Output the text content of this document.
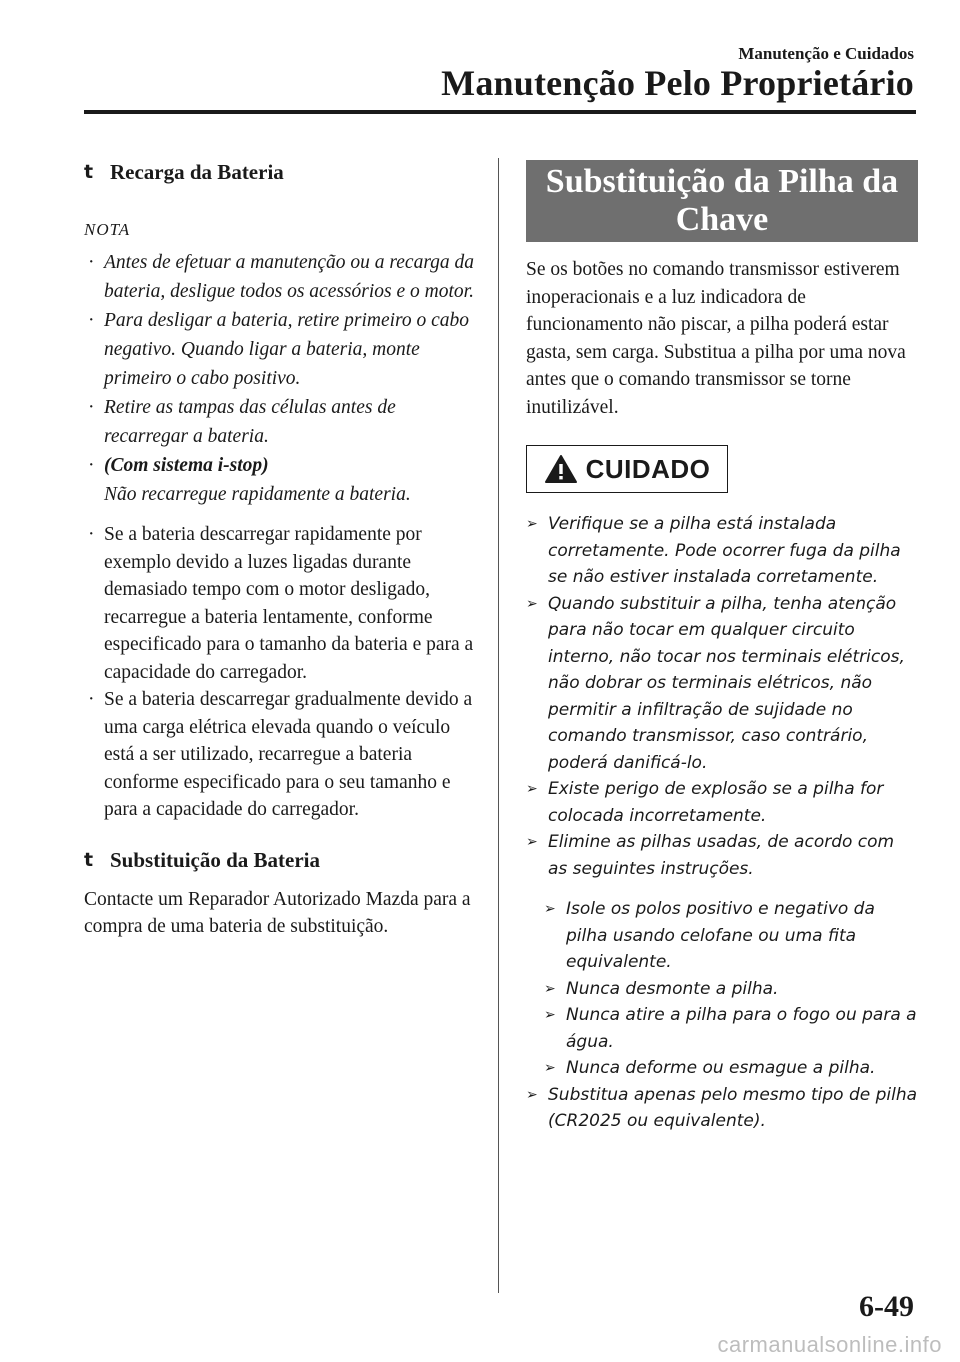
Manutenção e Cuidados
Manutenção Pelo Proprietário
t Recarga da Bateria
NOTA
· Antes de efetuar a manutenção ou a recarga da bateria, desligue todos os acessórios e o motor.
· Para desligar a bateria, retire primeiro o cabo negativo. Quando ligar a bateria, monte primeiro o cabo positivo.
· Retire as tampas das células antes de recarregar a bateria.
· (Com sistema i-stop)
Não recarregue rapidamente a bateria.
· Se a bateria descarregar rapidamente por exemplo devido a luzes ligadas durante demasiado tempo com o motor desligado, recarregue a bateria lentamente, conforme especificado para o tamanho da bateria e para a capacidade do carregador.
· Se a bateria descarregar gradualmente devido a uma carga elétrica elevada quando o veículo está a ser utilizado, recarregue a bateria conforme especificado para o seu tamanho e para a capacidade do carregador.
t Substituição da Bateria

Contacte um Reparador Autorizado Mazda para a compra de uma bateria de substituição.

Substituição da Pilha da
Chave

Se os botões no comando transmissor estiverem inoperacionais e a luz indicadora de funcionamento não piscar, a pilha poderá estar gasta, sem carga. Substitua a pilha por uma nova antes que o comando transmissor se torne inutilizável.

CUIDADO
➢ Verifique se a pilha está instalada corretamente. Pode ocorrer fuga da pilha se não estiver instalada corretamente.
➢ Quando substituir a pilha, tenha atenção para não tocar em qualquer circuito interno, não tocar nos terminais elétricos, não dobrar os terminais elétricos, não permitir a infiltração de sujidade no comando transmissor, caso contrário, poderá danificá-lo.
➢ Existe perigo de explosão se a pilha for colocada incorretamente.
➢ Elimine as pilhas usadas, de acordo com as seguintes instruções.
➢ Isole os polos positivo e negativo da pilha usando celofane ou uma fita equivalente.
➢ Nunca desmonte a pilha.
➢ Nunca atire a pilha para o fogo ou para a água.
➢ Nunca deforme ou esmague a pilha.
➢ Substitua apenas pelo mesmo tipo de pilha (CR2025 ou equivalente).
6-49
carmanualsonline.info
